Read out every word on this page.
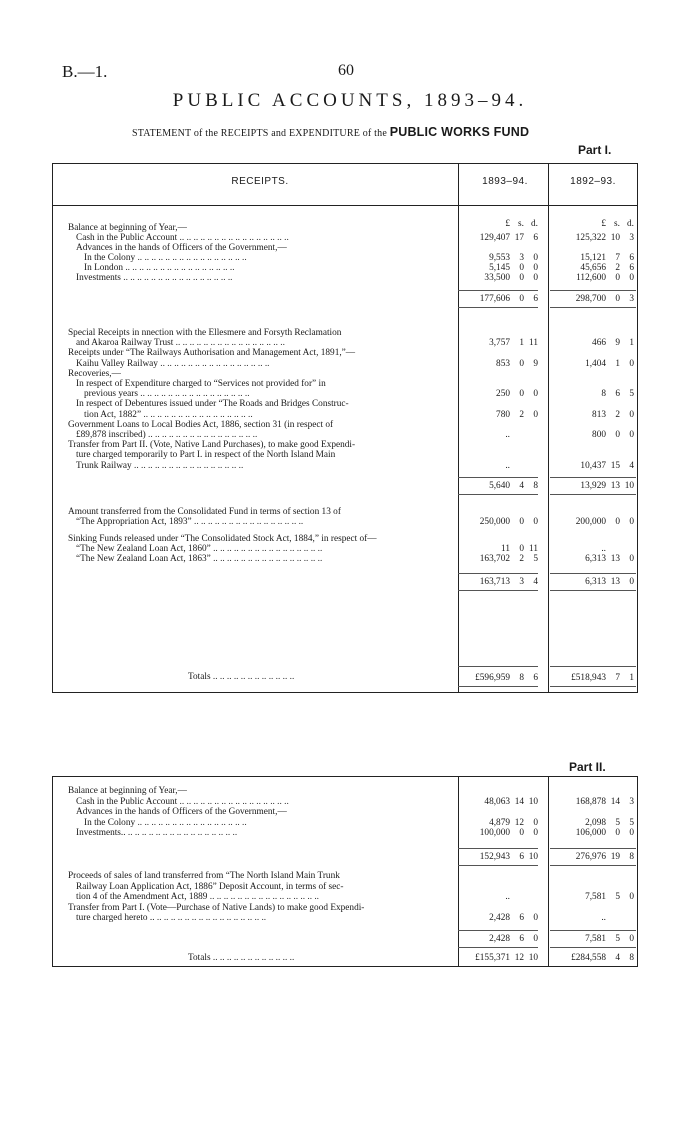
B.—1.	60
PUBLIC ACCOUNTS, 1893–94.
STATEMENT of the RECEIPTS and EXPENDITURE of the PUBLIC WORKS FUND
Part I.
RECEIPTS.	1893–94.	1892–93.
Part II.
£ s. d.	£ s. d.
Balance at beginning of Year,—
Cash in the Public Account .. .. .. .. .. .. .. .. .. .. .. .. .. .. .. ..	129,407 17	6	125,322 10	3
Advances in the hands of Officers of the Government,—
In the Colony .. .. .. .. .. .. .. .. .. .. .. .. .. .. .. ..	9,553	3	0	15,121	7	6
In London .. .. .. .. .. .. .. .. .. .. .. .. .. .. .. ..	5,145	0	0	45,656	2	6
Investments .. .. .. .. .. .. .. .. .. .. .. .. .. .. .. ..	33,500	0	0	112,600	0	0
177,606	0	6	298,700	0	3
Special Receipts in nnection with the Ellesmere and Forsyth Reclamation
and Akaroa Railway Trust .. .. .. .. .. .. .. .. .. .. .. .. .. .. .. ..	3,757	1 11	466	9	1
Receipts under “The Railways Authorisation and Management Act, 1891,”—
Kaihu Valley Railway .. .. .. .. .. .. .. .. .. .. .. .. .. .. .. ..	853	0	9	1,404	1	0
Recoveries,—
In respect of Expenditure charged to “Services not provided for” in
previous years .. .. .. .. .. .. .. .. .. .. .. .. .. .. .. ..	250	0	0	8	6	5
In respect of Debentures issued under “The Roads and Bridges Construc-
tion Act, 1882” .. .. .. .. .. .. .. .. .. .. .. .. .. .. .. ..	780	2	0	813	2	0
Government Loans to Local Bodies Act, 1886, section 31 (in respect of
£89,878 inscribed) .. .. .. .. .. .. .. .. .. .. .. .. .. .. .. ..	..	800	0	0
Transfer from Part II. (Vote, Native Land Purchases), to make good Expendi-
ture charged temporarily to Part I. in respect of the North Island Main
Trunk Railway .. .. .. .. .. .. .. .. .. .. .. .. .. .. .. ..	..	10,437 15	4
5,640	4	8	13,929 13 10
Amount transferred from the Consolidated Fund in terms of section 13 of
“The Appropriation Act, 1893” .. .. .. .. .. .. .. .. .. .. .. .. .. .. .. ..	250,000	0	0	200,000	0	0
Sinking Funds released under “The Consolidated Stock Act, 1884,” in respect of—
“The New Zealand Loan Act, 1860” .. .. .. .. .. .. .. .. .. .. .. .. .. .. .. ..	11	0 11	..
“The New Zealand Loan Act, 1863” .. .. .. .. .. .. .. .. .. .. .. .. .. .. .. ..	163,702	2	5	6,313 13	0
163,713	3	4	6,313 13	0
Totals .. .. .. .. .. .. .. .. .. .. .. ..	£596,959	8	6	£518,943	7	1
Balance at beginning of Year,—
Cash in the Public Account .. .. .. .. .. .. .. .. .. .. .. .. .. .. .. ..	48,063 14 10	168,878 14	3
Advances in the hands of Officers of the Government,—
In the Colony .. .. .. .. .. .. .. .. .. .. .. .. .. .. .. ..	4,879 12	0	2,098	5	5
Investments.. .. .. .. .. .. .. .. .. .. .. .. .. .. .. .. ..	100,000	0	0	106,000	0	0
152,943	6 10	276,976 19	8
Proceeds of sales of land transferred from “The North Island Main Trunk
Railway Loan Application Act, 1886” Deposit Account, in terms of sec-
tion 4 of the Amendment Act, 1889 .. .. .. .. .. .. .. .. .. .. .. .. .. .. .. ..	..	7,581	5	0
Transfer from Part I. (Vote—Purchase of Native Lands) to make good Expendi-
ture charged hereto .. .. .. .. .. .. .. .. .. .. .. .. .. .. .. .. ..	2,428	6	0	..
2,428	6	0	7,581	5	0
Totals .. .. .. .. .. .. .. .. .. .. .. ..	£155,371 12 10	£284,558	4	8
